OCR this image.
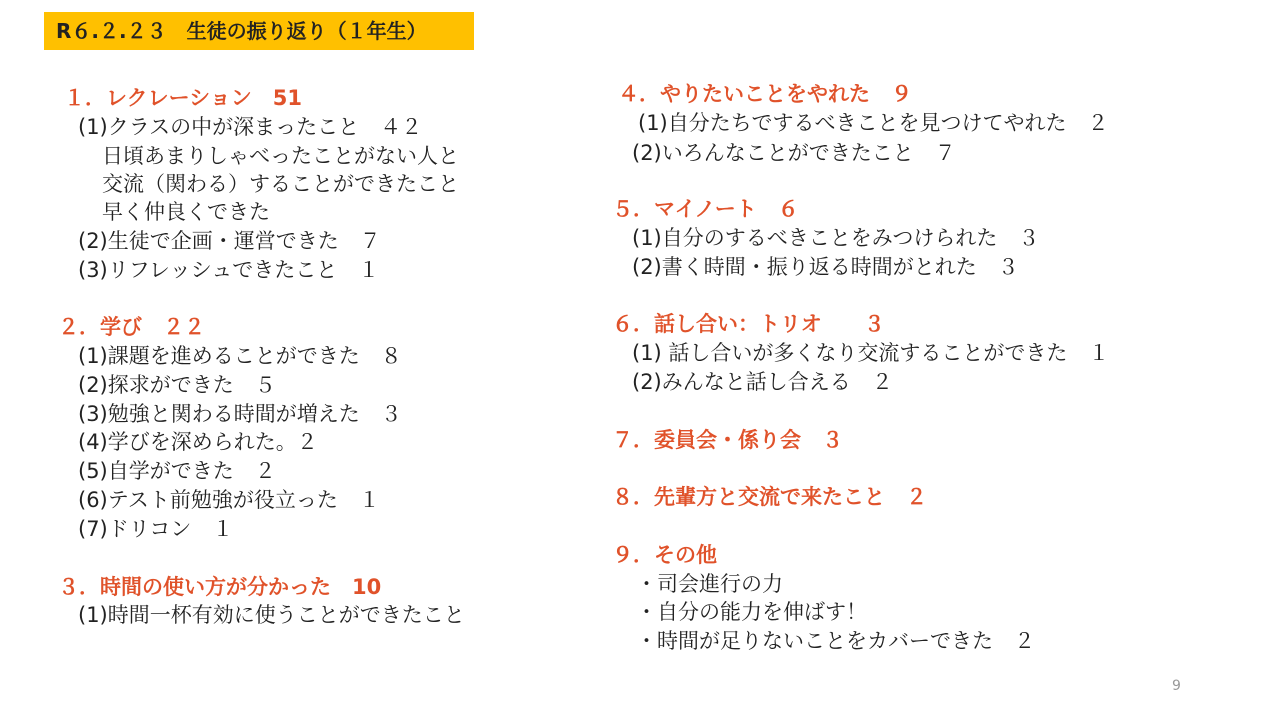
R６.２.２３　生徒の振り返り（１年生）
１．レクレーション　51
(1)クラスの中が深まったこと　４２
日頃あまりしゃべったことがない人と
交流（関わる）することができたこと
早く仲良くできた
(2)生徒で企画・運営できた　７
(3)リフレッシュできたこと　１
２．学び　２２
(1)課題を進めることができた　８
(2)探求ができた　５
(3)勉強と関わる時間が増えた　３
(4)学びを深められた。２
(5)自学ができた　２
(6)テスト前勉強が役立った　１
(7)ドリコン　１
３．時間の使い方が分かった　10
(1)時間一杯有効に使うことができたこと
４．やりたいことをやれた　９
(1)自分たちでするべきことを見つけてやれた　２
(2)いろんなことができたこと　７
５．マイノート　６
(1)自分のするべきことをみつけられた　３
(2)書く時間・振り返る時間がとれた　３
６．話し合い：トリオ　　３
(1) 話し合いが多くなり交流することができた　１
(2)みんなと話し合える　２
７．委員会・係り会　３
８．先輩方と交流で来たこと　２
９．その他
・司会進行の力
・自分の能力を伸ばす！
・時間が足りないことをカバーできた　２
9
